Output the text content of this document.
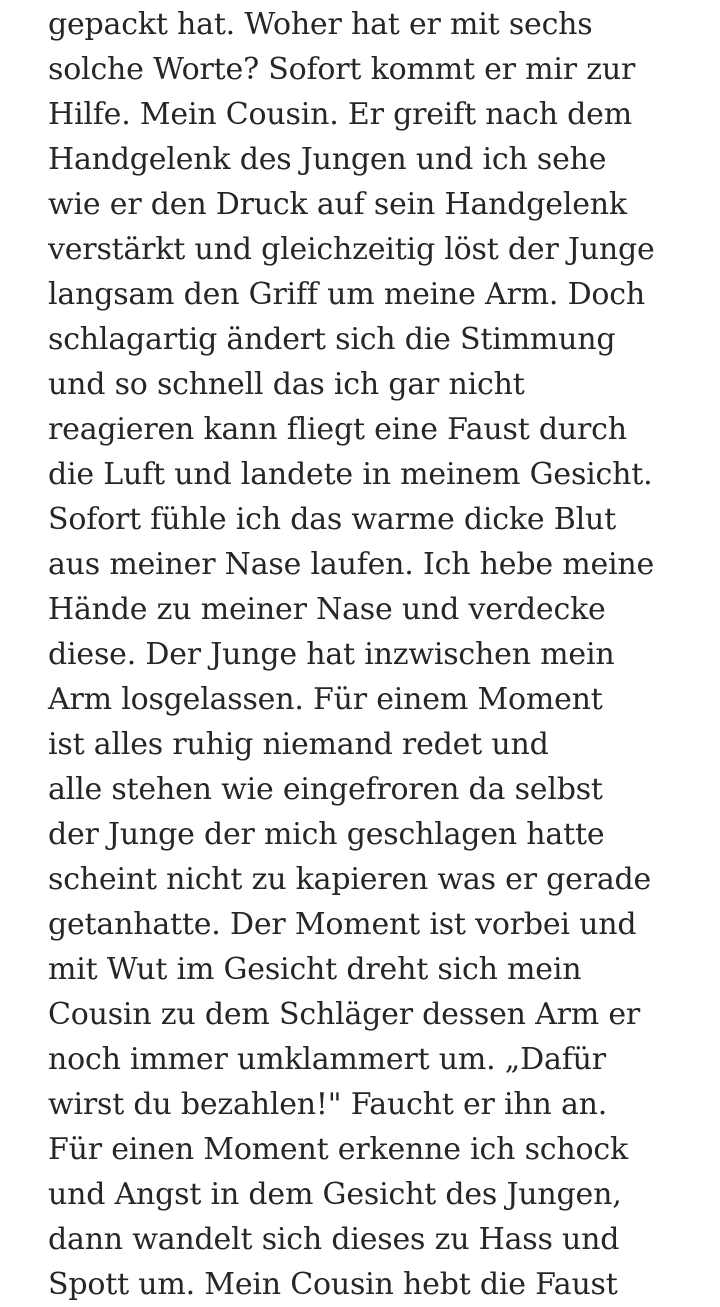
gepackt hat. Woher hat er mit sechs
solche Worte? Sofort kommt er mir zur
Hilfe. Mein Cousin. Er greift nach dem
Handgelenk des Jungen und ich sehe
wie er den Druck auf sein Handgelenk
verstärkt und gleichzeitig löst der Junge
langsam den Griff um meine Arm. Doch
schlagartig ändert sich die Stimmung
und so schnell das ich gar nicht
reagieren kann fliegt eine Faust durch
die Luft und landete in meinem Gesicht.
Sofort fühle ich das warme dicke Blut
aus meiner Nase laufen. Ich hebe meine
Hände zu meiner Nase und verdecke
diese. Der Junge hat inzwischen mein
Arm losgelassen. Für einem Moment
ist alles ruhig niemand redet und
alle stehen wie eingefroren da selbst
der Junge der mich geschlagen hatte
scheint nicht zu kapieren was er gerade
getanhatte. Der Moment ist vorbei und
mit Wut im Gesicht dreht sich mein
Cousin zu dem Schläger dessen Arm er
noch immer umklammert um. „Dafür
wirst du bezahlen!" Faucht er ihn an.
Für einen Moment erkenne ich schock
und Angst in dem Gesicht des Jungen,
dann wandelt sich dieses zu Hass und
Spott um. Mein Cousin hebt die Faust
